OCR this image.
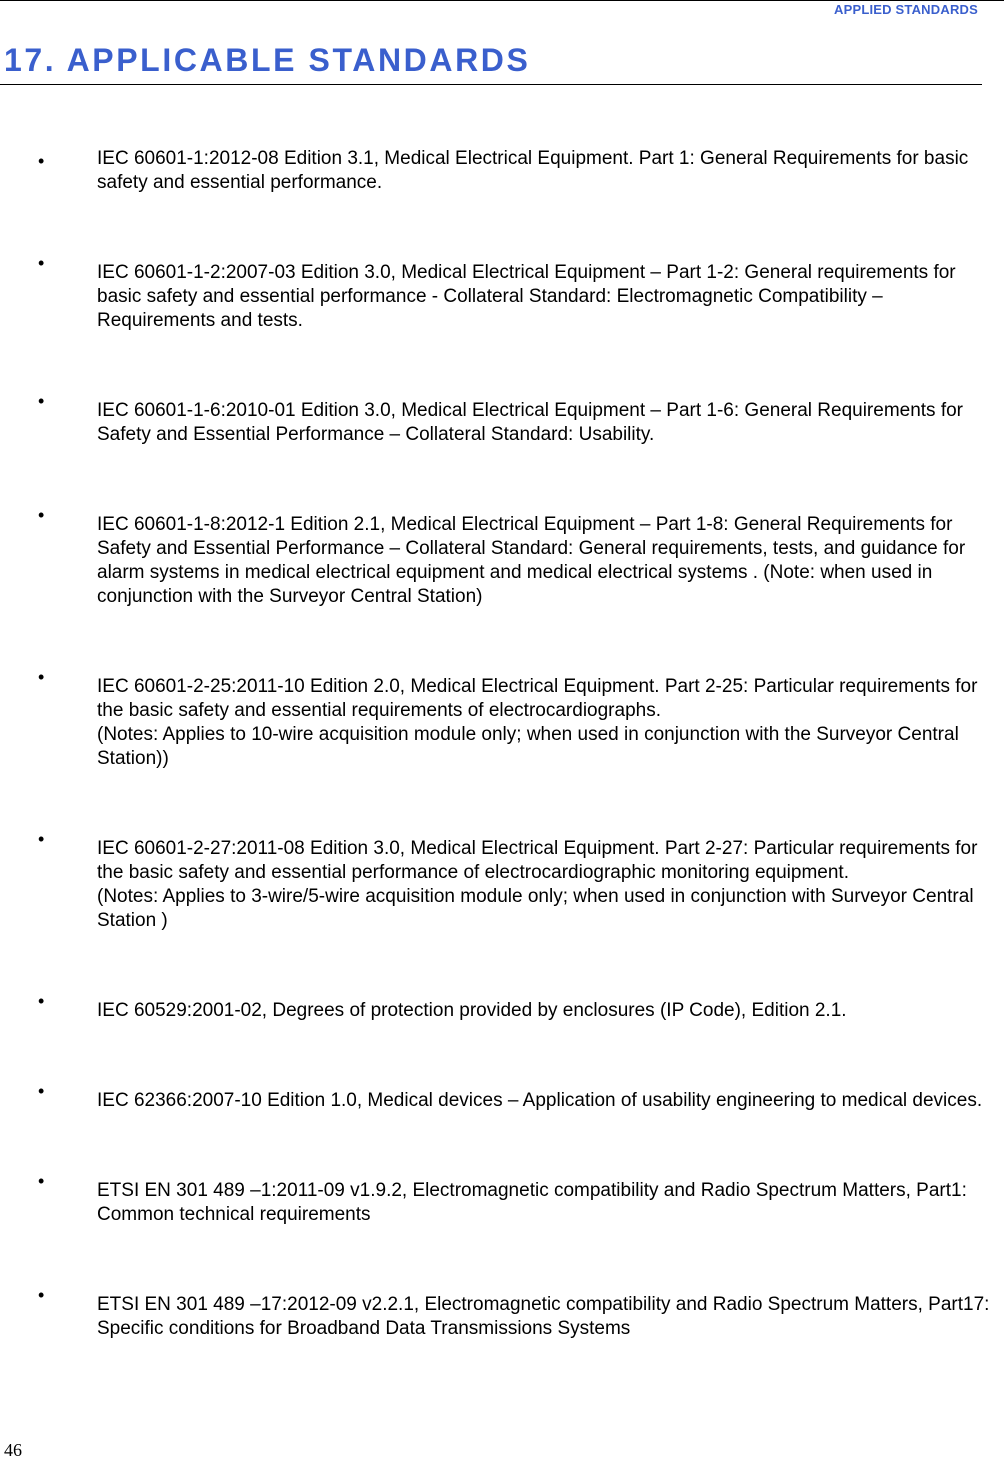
APPLIED STANDARDS
17. APPLICABLE STANDARDS
•	IEC 60601-1:2012-08 Edition 3.1, Medical Electrical Equipment. Part 1: General Requirements for basic safety and essential performance.
•	IEC 60601-1-2:2007-03 Edition 3.0, Medical Electrical Equipment – Part 1-2: General requirements for basic safety and essential performance - Collateral Standard: Electromagnetic Compatibility – Requirements and tests.
•	IEC 60601-1-6:2010-01 Edition 3.0, Medical Electrical Equipment – Part 1-6: General Requirements for Safety and Essential Performance – Collateral Standard: Usability.
•	IEC 60601-1-8:2012-1 Edition 2.1, Medical Electrical Equipment – Part 1-8: General Requirements for Safety and Essential Performance – Collateral Standard: General requirements, tests, and guidance for alarm systems in medical electrical equipment and medical electrical systems . (Note: when used in conjunction with the Surveyor Central Station)
•	IEC 60601-2-25:2011-10 Edition 2.0, Medical Electrical Equipment. Part 2-25: Particular requirements for the basic safety and essential requirements of electrocardiographs.
(Notes: Applies to 10-wire acquisition module only; when used in conjunction with the Surveyor Central Station))
•	IEC 60601-2-27:2011-08 Edition 3.0, Medical Electrical Equipment. Part 2-27: Particular requirements for the basic safety and essential performance of electrocardiographic monitoring equipment.
(Notes: Applies to 3-wire/5-wire acquisition module only; when used in conjunction with Surveyor Central Station )
•	IEC 60529:2001-02, Degrees of protection provided by enclosures (IP Code), Edition 2.1.
•	IEC 62366:2007-10 Edition 1.0, Medical devices – Application of usability engineering to medical devices.
•	ETSI EN 301 489 –1:2011-09 v1.9.2, Electromagnetic compatibility and Radio Spectrum Matters, Part1: Common technical requirements
•	ETSI EN 301 489 –17:2012-09 v2.2.1, Electromagnetic compatibility and Radio Spectrum Matters, Part17: Specific conditions for Broadband Data Transmissions Systems
46
